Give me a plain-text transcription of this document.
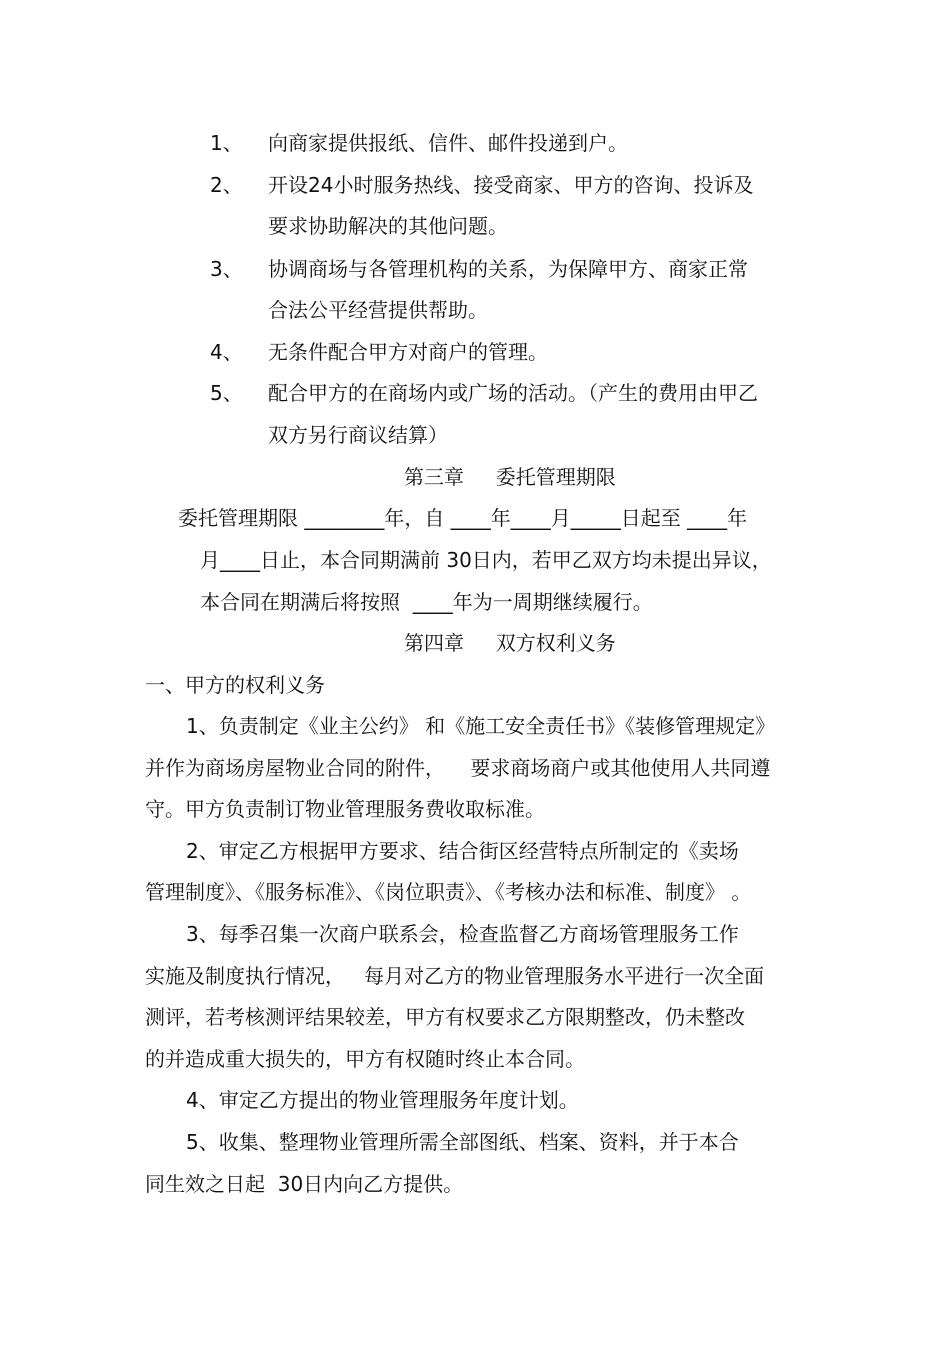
1、 向商家提供报纸、信件、邮件投递到户。
2、 开设24小时服务热线、接受商家、甲方的咨询、投诉及
要求协助解决的其他问题。
3、 协调商场与各管理机构的关系，为保障甲方、商家正常
合法公平经营提供帮助。
4、 无条件配合甲方对商户的管理。
5、 配合甲方的在商场内或广场的活动。（产生的费用由甲乙
双方另行商议结算）
第三章     委托管理期限
委托管理期限 ________年，自 ____年____月_____日起至 ____年
月____日止，本合同期满前 30日内，若甲乙双方均未提出异议，
本合同在期满后将按照  ____年为一周期继续履行。
第四章     双方权利义务
一、甲方的权利义务
1、负责制定《业主公约》 和《施工安全责任书》《装修管理规定》
并作为商场房屋物业合同的附件，    要求商场商户或其他使用人共同遵
守。甲方负责制订物业管理服务费收取标准。
2、审定乙方根据甲方要求、结合街区经营特点所制定的《卖场
管理制度》、《服务标准》、《岗位职责》、《考核办法和标准、制度》 。
3、每季召集一次商户联系会，检查监督乙方商场管理服务工作
实施及制度执行情况，   每月对乙方的物业管理服务水平进行一次全面
测评，若考核测评结果较差，甲方有权要求乙方限期整改，仍未整改
的并造成重大损失的，甲方有权随时终止本合同。
4、审定乙方提出的物业管理服务年度计划。
5、收集、整理物业管理所需全部图纸、档案、资料，并于本合
同生效之日起  30日内向乙方提供。
